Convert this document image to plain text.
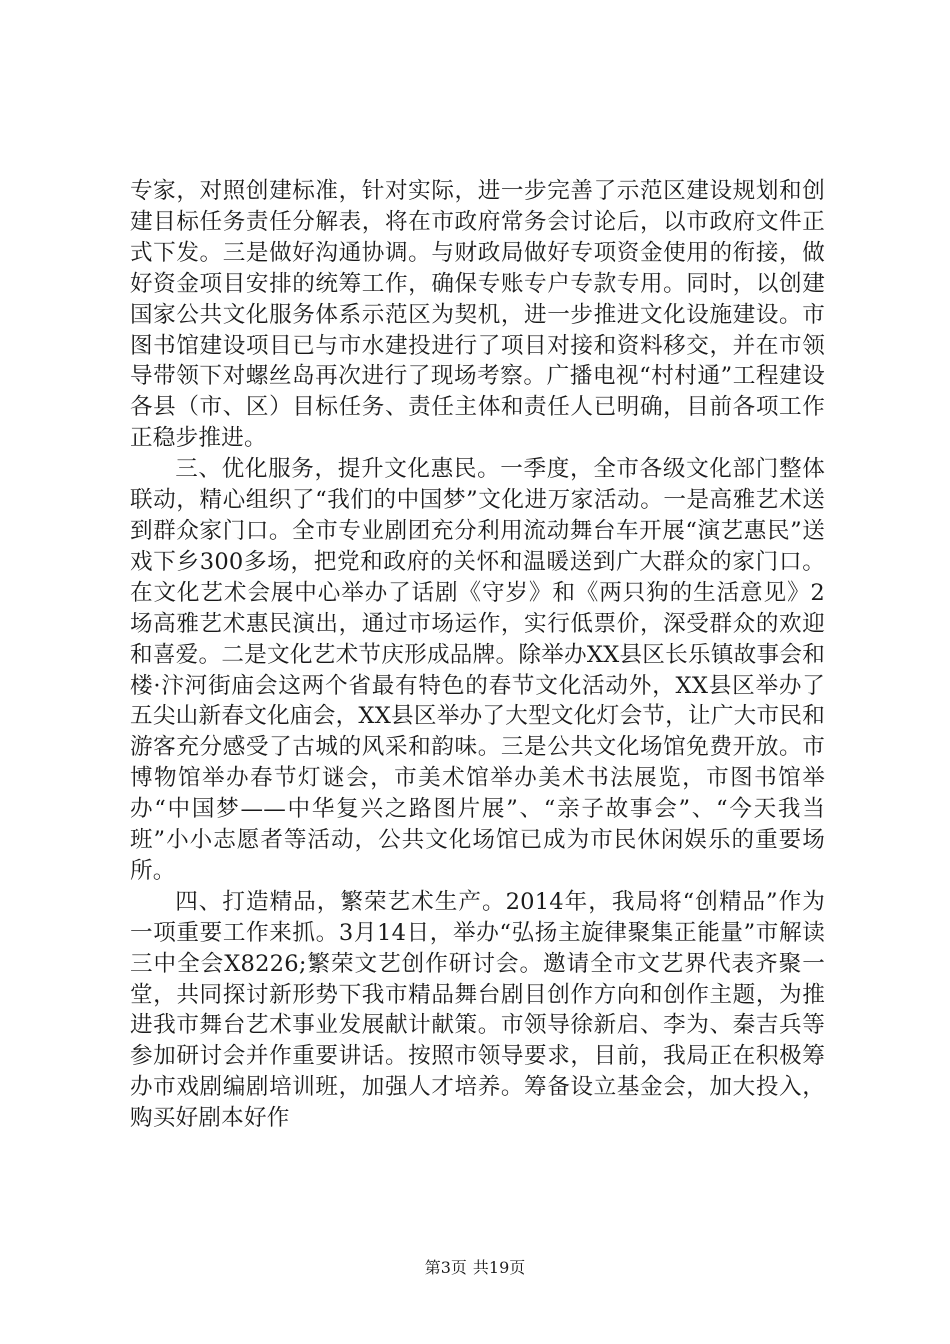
专家，对照创建标准，针对实际，进一步完善了示范区建设规划和创建目标任务责任分解表，将在市政府常务会讨论后，以市政府文件正式下发。三是做好沟通协调。与财政局做好专项资金使用的衔接，做好资金项目安排的统筹工作，确保专账专户专款专用。同时，以创建国家公共文化服务体系示范区为契机，进一步推进文化设施建设。市图书馆建设项目已与市水建投进行了项目对接和资料移交，并在市领导带领下对螺丝岛再次进行了现场考察。广播电视“村村通”工程建设各县（市、区）目标任务、责任主体和责任人已明确，目前各项工作正稳步推进。

三、优化服务，提升文化惠民。一季度，全市各级文化部门整体联动，精心组织了“我们的中国梦”文化进万家活动。一是高雅艺术送到群众家门口。全市专业剧团充分利用流动舞台车开展“演艺惠民”送戏下乡300多场，把党和政府的关怀和温暖送到广大群众的家门口。在文化艺术会展中心举办了话剧《守岁》和《两只狗的生活意见》2场高雅艺术惠民演出，通过市场运作，实行低票价，深受群众的欢迎和喜爱。二是文化艺术节庆形成品牌。除举办XX县区长乐镇故事会和楼·汴河街庙会这两个省最有特色的春节文化活动外，XX县区举办了五尖山新春文化庙会，XX县区举办了大型文化灯会节，让广大市民和游客充分感受了古城的风采和韵味。三是公共文化场馆免费开放。市博物馆举办春节灯谜会，市美术馆举办美术书法展览，市图书馆举办“中国梦——中华复兴之路图片展”、“亲子故事会”、“今天我当班”小小志愿者等活动，公共文化场馆已成为市民休闲娱乐的重要场所。

四、打造精品，繁荣艺术生产。2014年，我局将“创精品”作为一项重要工作来抓。3月14日，举办“弘扬主旋律聚集正能量”市解读三中全会X8226;繁荣文艺创作研讨会。邀请全市文艺界代表齐聚一堂，共同探讨新形势下我市精品舞台剧目创作方向和创作主题，为推进我市舞台艺术事业发展献计献策。市领导徐新启、李为、秦吉兵等参加研讨会并作重要讲话。按照市领导要求，目前，我局正在积极筹办市戏剧编剧培训班，加强人才培养。筹备设立基金会，加大投入，购买好剧本好作

第3页 共19页
